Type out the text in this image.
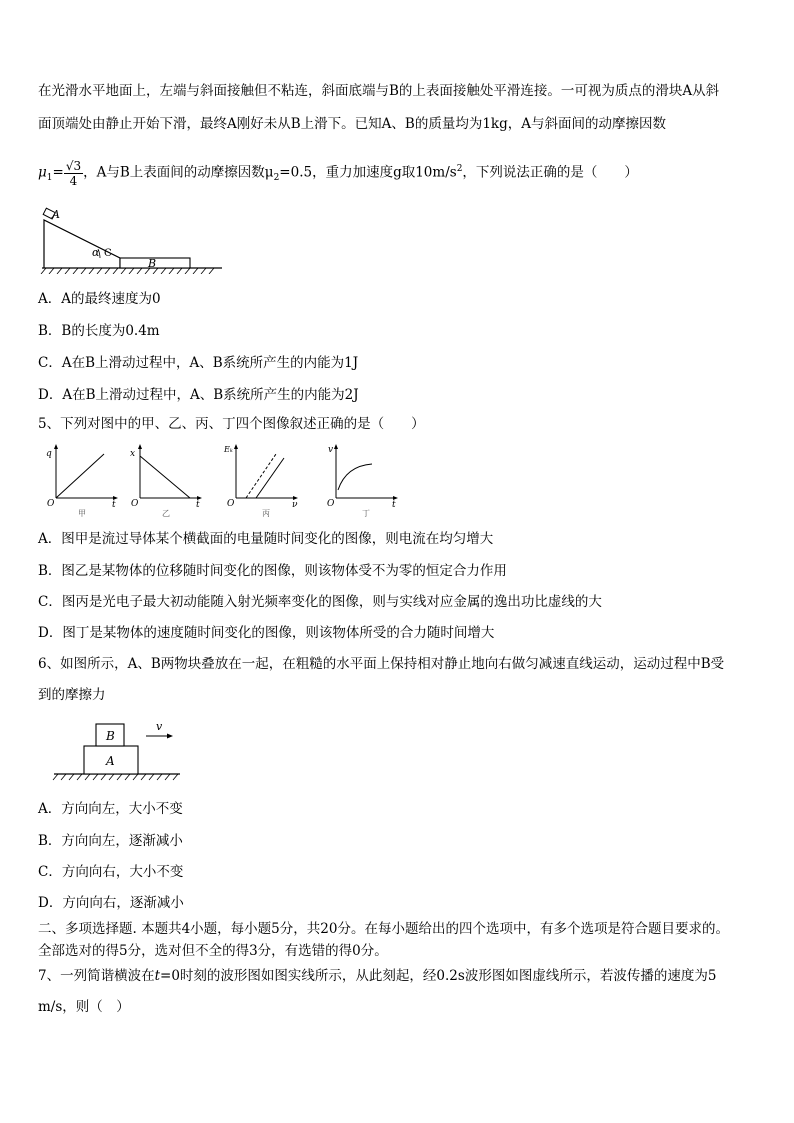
在光滑水平地面上，左端与斜面接触但不粘连，斜面底端与B的上表面接触处平滑连接。一可视为质点的滑块A从斜
面顶端处由静止开始下滑，最终A刚好未从B上滑下。已知A、B的质量均为1kg，A与斜面间的动摩擦因数
$\mu_1= \frac{√3}{4}$ ，A与B上表面间的动摩擦因数$\mu_2=0.5$，重力加速度g取$10m/s^2$，下列说法正确的是（　　）
A
α C
B
A．A的最终速度为0
B．B的长度为0.4m
C．A在B上滑动过程中，A、B系统所产生的内能为1J
D．A在B上滑动过程中，A、B系统所产生的内能为2J
5、下列对图中的甲、乙、丙、丁四个图像叙述正确的是（　　）
q
t
O
甲
x
t
O
乙
Eₖ
ν
O
丙
v
t
O
丁
A．图甲是流过导体某个横截面的电量随时间变化的图像，则电流在均匀增大
B．图乙是某物体的位移随时间变化的图像，则该物体受不为零的恒定合力作用
C．图丙是光电子最大初动能随入射光频率变化的图像，则与实线对应金属的逸出功比虚线的大
D．图丁是某物体的速度随时间变化的图像，则该物体所受的合力随时间增大
6、如图所示，A、B两物块叠放在一起，在粗糙的水平面上保持相对静止地向右做匀减速直线运动，运动过程中B受
到的摩擦力
B
A
v
A．方向向左，大小不变
B．方向向左，逐渐减小
C．方向向右，大小不变
D．方向向右，逐渐减小
二、多项选择题. 本题共4小题，每小题5分，共20分。在每小题给出的四个选项中，有多个选项是符合题目要求的。
全部选对的得5分，选对但不全的得3分，有选错的得0分。
7、一列简谐横波在t=0时刻的波形图如图实线所示，从此刻起，经0.2s波形图如图虚线所示，若波传播的速度为5
m/s，则（　）
